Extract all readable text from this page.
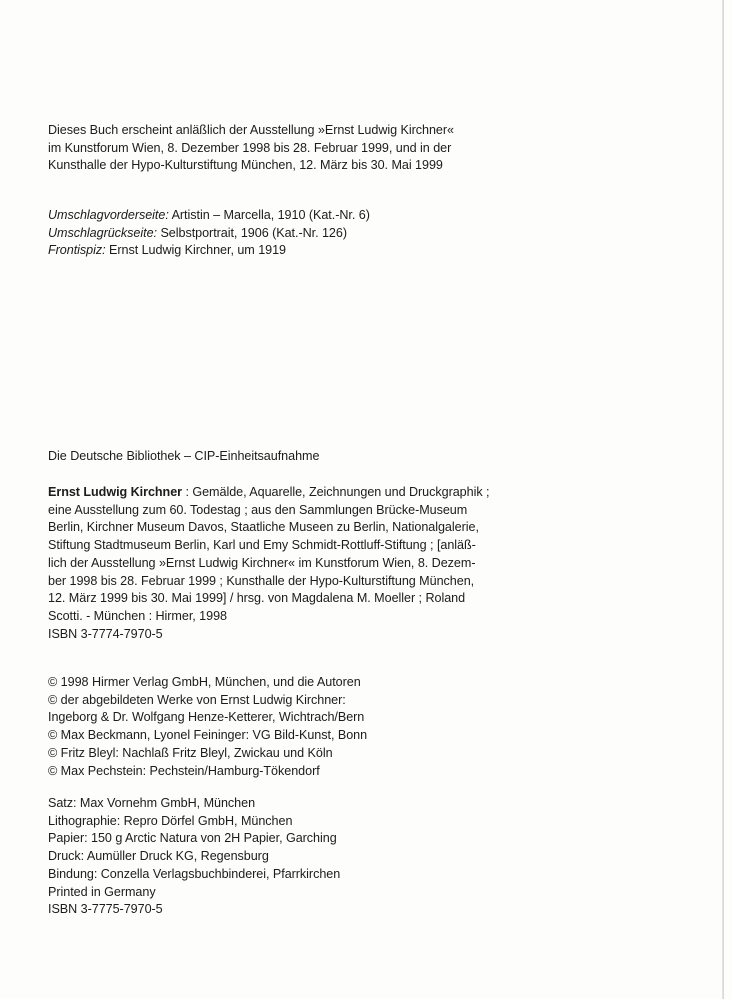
Dieses Buch erscheint anläßlich der Ausstellung »Ernst Ludwig Kirchner«
im Kunstforum Wien, 8. Dezember 1998 bis 28. Februar 1999, und in der
Kunsthalle der Hypo-Kulturstiftung München, 12. März bis 30. Mai 1999
Umschlagvorderseite: Artistin – Marcella, 1910 (Kat.-Nr. 6)
Umschlagrückseite: Selbstportrait, 1906 (Kat.-Nr. 126)
Frontispiz: Ernst Ludwig Kirchner, um 1919
Die Deutsche Bibliothek – CIP-Einheitsaufnahme
Ernst Ludwig Kirchner : Gemälde, Aquarelle, Zeichnungen und Druckgraphik ;
eine Ausstellung zum 60. Todestag ; aus den Sammlungen Brücke-Museum
Berlin, Kirchner Museum Davos, Staatliche Museen zu Berlin, Nationalgalerie,
Stiftung Stadtmuseum Berlin, Karl und Emy Schmidt-Rottluff-Stiftung ; [anläß-
lich der Ausstellung »Ernst Ludwig Kirchner« im Kunstforum Wien, 8. Dezem-
ber 1998 bis 28. Februar 1999 ; Kunsthalle der Hypo-Kulturstiftung München,
12. März 1999 bis 30. Mai 1999] / hrsg. von Magdalena M. Moeller ; Roland
Scotti. - München : Hirmer, 1998
ISBN 3-7774-7970-5
© 1998 Hirmer Verlag GmbH, München, und die Autoren
© der abgebildeten Werke von Ernst Ludwig Kirchner:
Ingeborg & Dr. Wolfgang Henze-Ketterer, Wichtrach/Bern
© Max Beckmann, Lyonel Feininger: VG Bild-Kunst, Bonn
© Fritz Bleyl: Nachlaß Fritz Bleyl, Zwickau und Köln
© Max Pechstein: Pechstein/Hamburg-Tökendorf
Satz: Max Vornehm GmbH, München
Lithographie: Repro Dörfel GmbH, München
Papier: 150 g Arctic Natura von 2H Papier, Garching
Druck: Aumüller Druck KG, Regensburg
Bindung: Conzella Verlagsbuchbinderei, Pfarrkirchen
Printed in Germany
ISBN 3-7775-7970-5
